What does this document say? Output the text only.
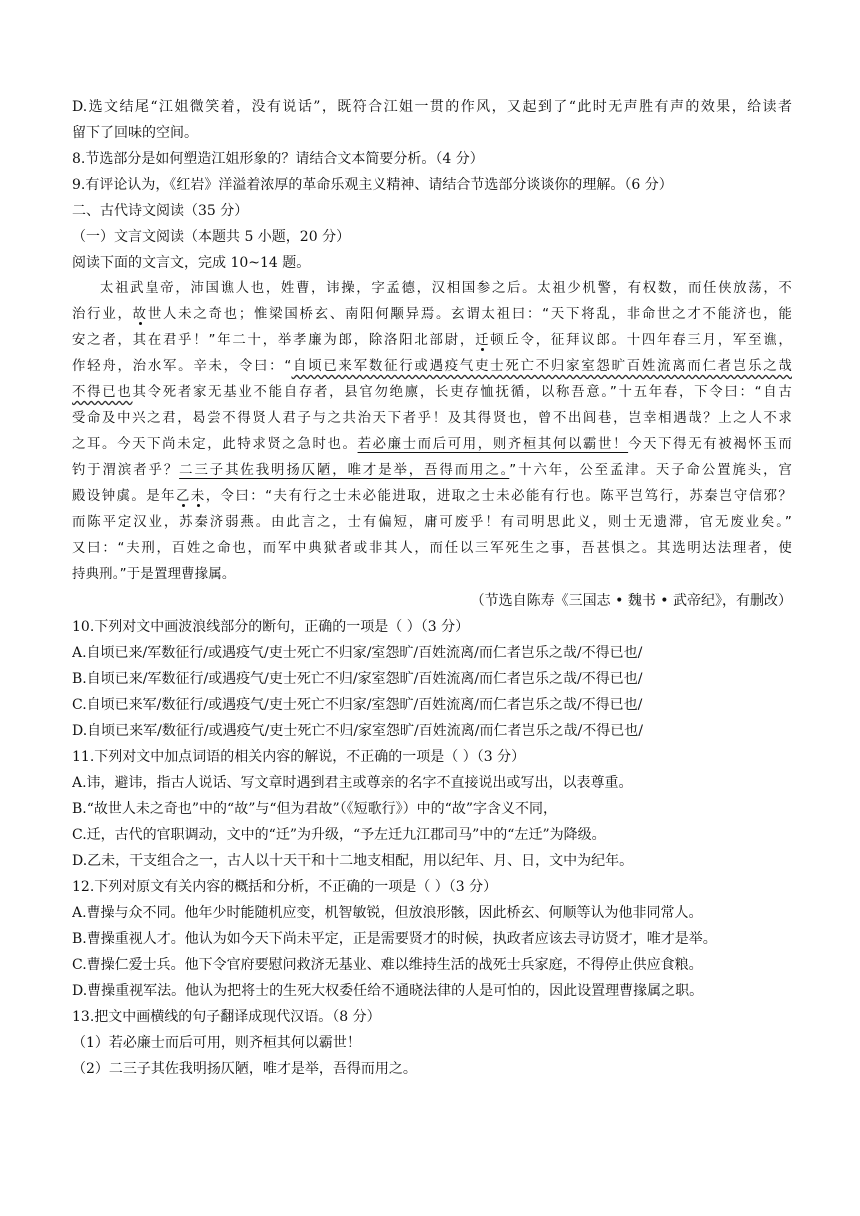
D.选文结尾“江姐微笑着，没有说话”，既符合江姐一贯的作风，又起到了“此时无声胜有声的效果，给读者
留下了回味的空间。
8.节选部分是如何塑造江姐形象的？请结合文本简要分析。（4 分）
9.有评论认为，《红岩》洋溢着浓厚的革命乐观主义精神、请结合节选部分谈谈你的理解。（6 分）
二、古代诗文阅读（35 分）
（一）文言文阅读（本题共 5 小题，20 分）
阅读下面的文言文，完成 10~14 题。
太祖武皇帝，沛国谯人也，姓曹，讳操，字孟德，汉相国参之后。太祖少机警，有权数，而任侠放荡，不
治行业，故世人未之奇也；惟梁国桥玄、南阳何颙异焉。玄谓太祖曰：“天下将乱，非命世之才不能济也，能
安之者，其在君乎！”年二十，举孝廉为郎，除洛阳北部尉，迁顿丘令，征拜议郎。十四年春三月，军至谯，
作轻舟，治水军。辛未，令曰：“自顷已来军数征行或遇疫气吏士死亡不归家室怨旷百姓流离而仁者岂乐之哉
不得已也其令死者家无基业不能自存者，县官勿绝廪，长吏存恤抚循，以称吾意。”十五年春，下令曰：“自古
受命及中兴之君，曷尝不得贤人君子与之共治天下者乎！及其得贤也，曾不出闾巷，岂幸相遇哉？上之人不求
之耳。今天下尚未定，此特求贤之急时也。若必廉士而后可用，则齐桓其何以霸世！今天下得无有被褐怀玉而
钓于渭滨者乎？二三子其佐我明扬仄陋，唯才是举，吾得而用之。”十六年，公至孟津。天子命公置旄头，宫
殿设钟虡。是年乙未，令曰：“夫有行之士未必能进取，进取之士未必能有行也。陈平岂笃行，苏秦岂守信邪？
而陈平定汉业，苏秦济弱燕。由此言之，士有偏短，庸可废乎！有司明思此义，则士无遗滞，官无废业矣。”
又曰：“夫刑，百姓之命也，而军中典狱者或非其人，而任以三军死生之事，吾甚惧之。其选明达法理者，使
持典刑。”于是置理曹掾属。
（节选自陈寿《三国志 • 魏书 • 武帝纪》，有删改）
10.下列对文中画波浪线部分的断句，正确的一项是（ ）（3 分）
A.自顷已来/军数征行/或遇疫气/吏士死亡不归家/室怨旷/百姓流离/而仁者岂乐之哉/不得已也/
B.自顷已来/军数征行/或遇疫气/吏士死亡不归/家室怨旷/百姓流离/而仁者岂乐之哉/不得已也/
C.自顷已来军/数征行/或遇疫气/吏士死亡不归家/室怨旷/百姓流离/而仁者岂乐之哉/不得已也/
D.自顷已来军/数征行/或遇疫气/吏士死亡不归/家室怨旷/百姓流离/而仁者岂乐之哉/不得已也/
11.下列对文中加点词语的相关内容的解说，不正确的一项是（ ）（3 分）
A.讳，避讳，指古人说话、写文章时遇到君主或尊亲的名字不直接说出或写出，以表尊重。
B.“故世人未之奇也”中的“故”与“但为君故”（《短歌行》）中的“故”字含义不同，
C.迁，古代的官职调动，文中的“迁”为升级，“予左迁九江郡司马”中的“左迁”为降级。
D.乙未，干支组合之一，古人以十天干和十二地支相配，用以纪年、月、日，文中为纪年。
12.下列对原文有关内容的概括和分析，不正确的一项是（ ）（3 分）
A.曹操与众不同。他年少时能随机应变，机智敏锐，但放浪形骸，因此桥玄、何顺等认为他非同常人。
B.曹操重视人才。他认为如今天下尚未平定，正是需要贤才的时候，执政者应该去寻访贤才，唯才是举。
C.曹操仁爱士兵。他下令官府要慰问救济无基业、难以维持生活的战死士兵家庭，不得停止供应食粮。
D.曹操重视军法。他认为把将士的生死大权委任给不通晓法律的人是可怕的，因此设置理曹掾属之职。
13.把文中画横线的句子翻译成现代汉语。（8 分）
（1）若必廉士而后可用，则齐桓其何以霸世！
（2）二三子其佐我明扬仄陋，唯才是举，吾得而用之。
